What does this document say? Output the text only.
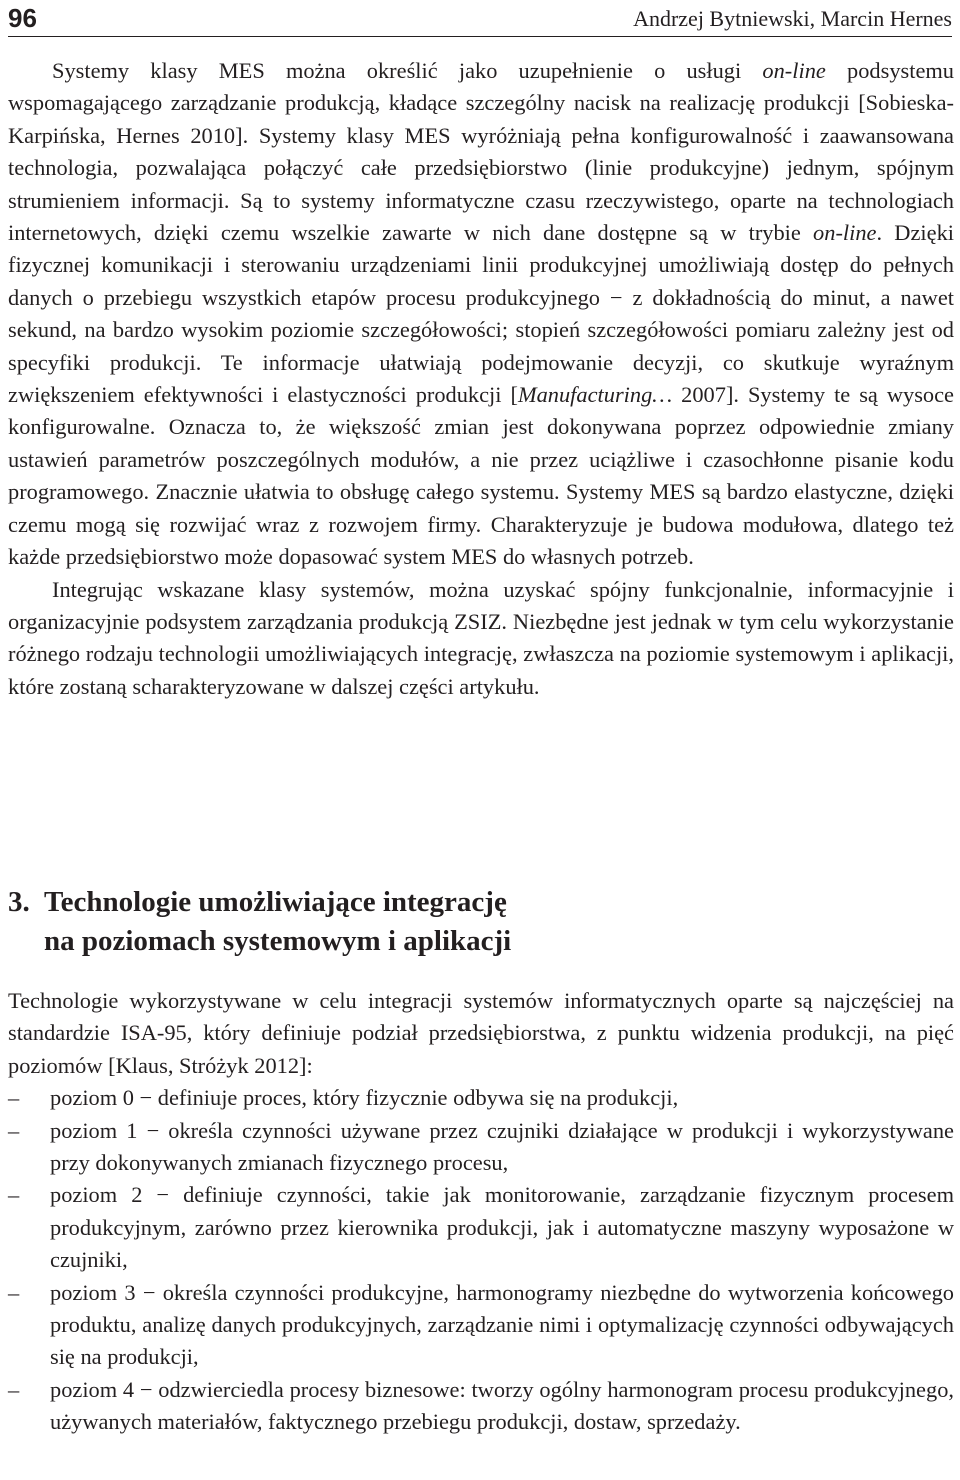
96	Andrzej Bytniewski, Marcin Hernes

Systemy klasy MES można określić jako uzupełnienie o usługi on-line podsystemu wspomagającego zarządzanie produkcją, kładące szczególny nacisk na realizację produkcji [Sobieska-Karpińska, Hernes 2010]. Systemy klasy MES wyróżniają pełna konfigurowalność i zaawansowana technologia, pozwalająca połączyć całe przedsiębiorstwo (linie produkcyjne) jednym, spójnym strumieniem informacji. Są to systemy informatyczne czasu rzeczywistego, oparte na technologiach internetowych, dzięki czemu wszelkie zawarte w nich dane dostępne są w trybie on-line. Dzięki fizycznej komunikacji i sterowaniu urządzeniami linii produkcyjnej umożliwiają dostęp do pełnych danych o przebiegu wszystkich etapów procesu produkcyjnego − z dokładnością do minut, a nawet sekund, na bardzo wysokim poziomie szczegółowości; stopień szczegółowości pomiaru zależny jest od specyfiki produkcji. Te informacje ułatwiają podejmowanie decyzji, co skutkuje wyraźnym zwiększeniem efektywności i elastyczności produkcji [Manufacturing… 2007]. Systemy te są wysoce konfigurowalne. Oznacza to, że większość zmian jest dokonywana poprzez odpowiednie zmiany ustawień parametrów poszczególnych modułów, a nie przez uciążliwe i czasochłonne pisanie kodu programowego. Znacznie ułatwia to obsługę całego systemu. Systemy MES są bardzo elastyczne, dzięki czemu mogą się rozwijać wraz z rozwojem firmy. Charakteryzuje je budowa modułowa, dlatego też każde przedsiębiorstwo może dopasować system MES do własnych potrzeb.

Integrując wskazane klasy systemów, można uzyskać spójny funkcjonalnie, informacyjnie i organizacyjnie podsystem zarządzania produkcją ZSIZ. Niezbędne jest jednak w tym celu wykorzystanie różnego rodzaju technologii umożliwiających integrację, zwłaszcza na poziomie systemowym i aplikacji, które zostaną scharakteryzowane w dalszej części artykułu.

3. Technologie umożliwiające integrację
na poziomach systemowym i aplikacji

Technologie wykorzystywane w celu integracji systemów informatycznych oparte są najczęściej na standardzie ISA-95, który definiuje podział przedsiębiorstwa, z punktu widzenia produkcji, na pięć poziomów [Klaus, Stróżyk 2012]:

– poziom 0 − definiuje proces, który fizycznie odbywa się na produkcji,
– poziom 1 − określa czynności używane przez czujniki działające w produkcji i wykorzystywane przy dokonywanych zmianach fizycznego procesu,
– poziom 2 − definiuje czynności, takie jak monitorowanie, zarządzanie fizycznym procesem produkcyjnym, zarówno przez kierownika produkcji, jak i automatyczne maszyny wyposażone w czujniki,
– poziom 3 − określa czynności produkcyjne, harmonogramy niezbędne do wytworzenia końcowego produktu, analizę danych produkcyjnych, zarządzanie nimi i optymalizację czynności odbywających się na produkcji,
– poziom 4 − odzwierciedla procesy biznesowe: tworzy ogólny harmonogram procesu produkcyjnego, używanych materiałów, faktycznego przebiegu produkcji, dostaw, sprzedaży.
